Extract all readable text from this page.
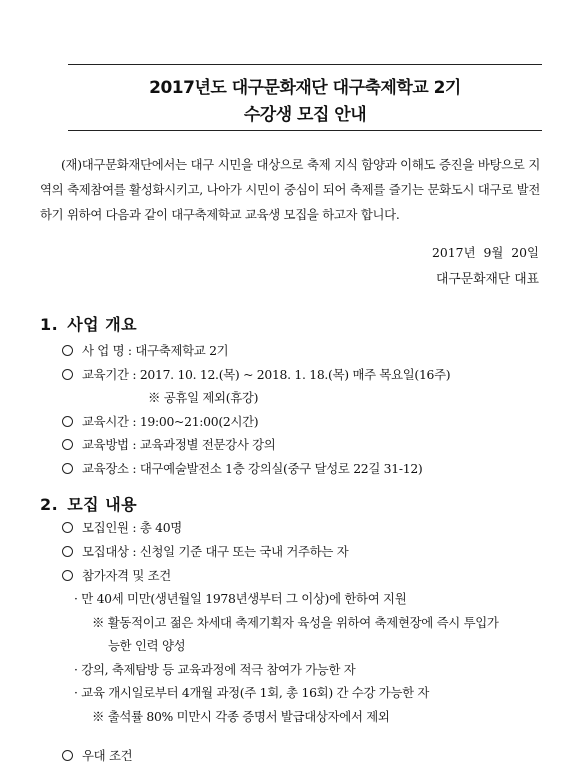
2017년도 대구문화재단 대구축제학교 2기
수강생 모집 안내
(재)대구문화재단에서는 대구 시민을 대상으로 축제 지식 함양과 이해도 증진을 바탕으로 지역의 축제참여를 활성화시키고, 나아가 시민이 중심이 되어 축제를 즐기는 문화도시 대구로 발전하기 위하여 다음과 같이 대구축제학교 교육생 모집을 하고자 합니다.
2017년 9월 20일
대구문화재단 대표
1. 사업 개요
사 업 명 : 대구축제학교 2기
교육기간 : 2017. 10. 12.(목) ~ 2018. 1. 18.(목) 매주 목요일(16주)
※ 공휴일 제외(휴강)
교육시간 : 19:00~21:00(2시간)
교육방법 : 교육과정별 전문강사 강의
교육장소 : 대구예술발전소 1층 강의실(중구 달성로 22길 31-12)
2. 모집 내용
모집인원 : 총 40명
모집대상 : 신청일 기준 대구 또는 국내 거주하는 자
참가자격 및 조건
· 만 40세 미만(생년월일 1978년생부터 그 이상)에 한하여 지원
※ 활동적이고 젊은 차세대 축제기획자 육성을 위하여 축제현장에 즉시 투입가
능한 인력 양성
· 강의, 축제탐방 등 교육과정에 적극 참여가 가능한 자
· 교육 개시일로부터 4개월 과정(주 1회, 총 16회) 간 수강 가능한 자
※ 출석률 80% 미만시 각종 증명서 발급대상자에서 제외
우대 조건
